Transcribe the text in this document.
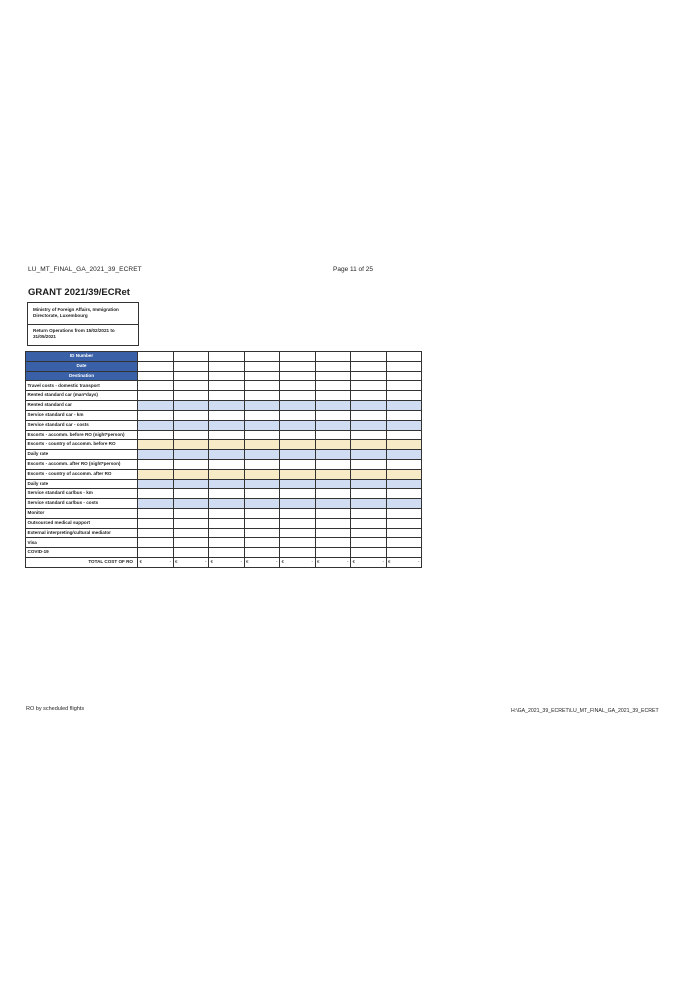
LU_MT_FINAL_GA_2021_39_ECRET	Page 11 of 25
GRANT 2021/39/ECRet
Ministry of Foreign Affairs, Immigration Directorate, Luxembourg
Return Operations from 15/02/2021 to 31/05/2021
ID Number								
Date								
Destination								
Travel costs - domestic transport								
Rented standard car (man*days)								
Rented standard car								
Service standard car - km								
Service standard car - costs								
Escorts - accomm. before RO (night*person)								
Escorts - country of accomm. before RO								
Daily rate								
Escorts - accomm. after RO (night*person)								
Escorts - country of accomm. after RO								
Daily rate								
Service standard car/bus - km								
Service standard car/bus - costs								
Monitor								
Outsourced medical support								
External interpreting/cultural mediator								
Visa								
COVID-19								
TOTAL COST OF RO	€ -	€ -	€ -	€ -	€ -	€ -	€ -	€ -
RO by scheduled flights	H:\GA_2021_39_ECRET\LU_MT_FINAL_GA_2021_39_ECRET
